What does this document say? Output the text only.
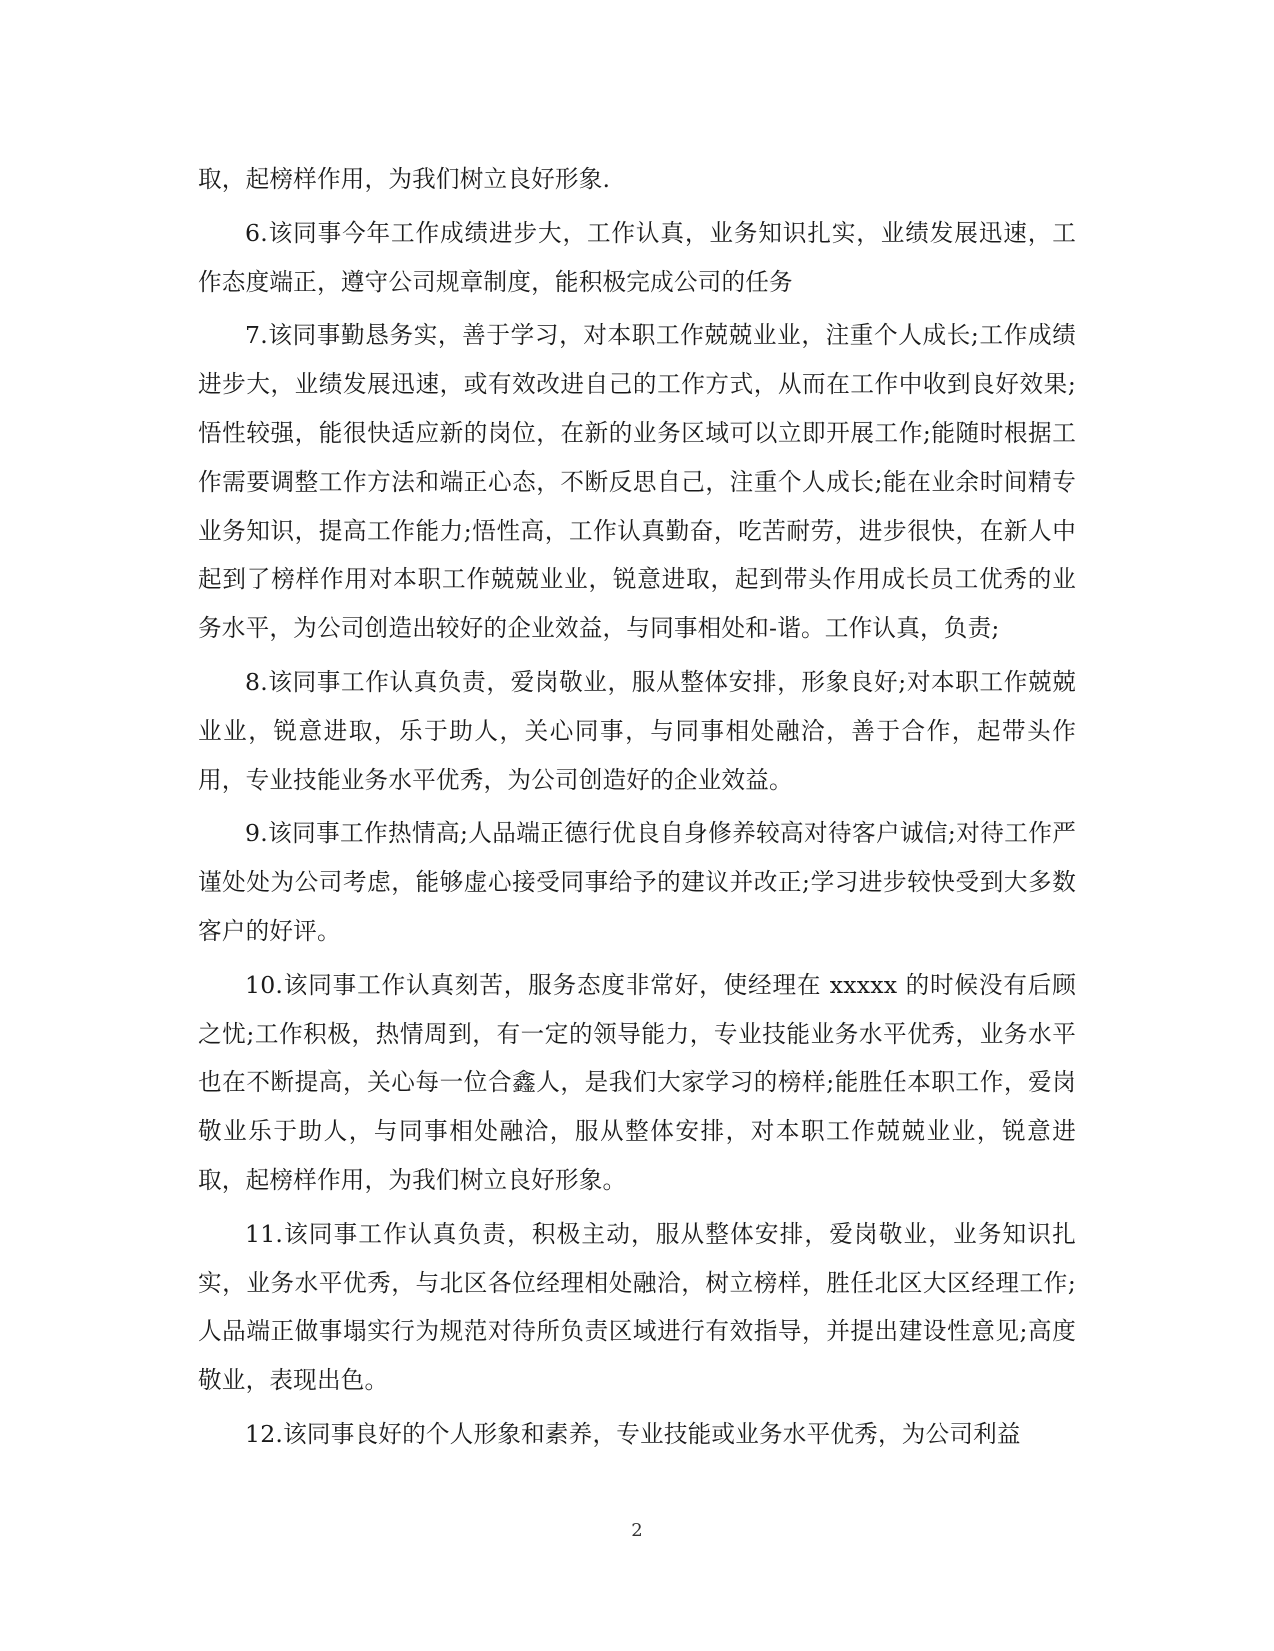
取，起榜样作用，为我们树立良好形象.

6.该同事今年工作成绩进步大，工作认真，业务知识扎实，业绩发展迅速，工作态度端正，遵守公司规章制度，能积极完成公司的任务

7.该同事勤恳务实，善于学习，对本职工作兢兢业业，注重个人成长;工作成绩进步大，业绩发展迅速，或有效改进自己的工作方式，从而在工作中收到良好效果;悟性较强，能很快适应新的岗位，在新的业务区域可以立即开展工作;能随时根据工作需要调整工作方法和端正心态，不断反思自己，注重个人成长;能在业余时间精专业务知识，提高工作能力;悟性高，工作认真勤奋，吃苦耐劳，进步很快，在新人中起到了榜样作用对本职工作兢兢业业，锐意进取，起到带头作用成长员工优秀的业务水平，为公司创造出较好的企业效益，与同事相处和-谐。工作认真，负责;

8.该同事工作认真负责，爱岗敬业，服从整体安排，形象良好;对本职工作兢兢业业，锐意进取，乐于助人，关心同事，与同事相处融洽，善于合作，起带头作用，专业技能业务水平优秀，为公司创造好的企业效益。

9.该同事工作热情高;人品端正德行优良自身修养较高对待客户诚信;对待工作严谨处处为公司考虑，能够虚心接受同事给予的建议并改正;学习进步较快受到大多数客户的好评。

10.该同事工作认真刻苦，服务态度非常好，使经理在 xxxxx 的时候没有后顾之忧;工作积极，热情周到，有一定的领导能力，专业技能业务水平优秀，业务水平也在不断提高，关心每一位合鑫人，是我们大家学习的榜样;能胜任本职工作，爱岗敬业乐于助人，与同事相处融洽，服从整体安排，对本职工作兢兢业业，锐意进取，起榜样作用，为我们树立良好形象。

11.该同事工作认真负责，积极主动，服从整体安排，爱岗敬业，业务知识扎实，业务水平优秀，与北区各位经理相处融洽，树立榜样，胜任北区大区经理工作;人品端正做事塌实行为规范对待所负责区域进行有效指导，并提出建设性意见;高度敬业，表现出色。

12.该同事良好的个人形象和素养，专业技能或业务水平优秀，为公司利益

2
